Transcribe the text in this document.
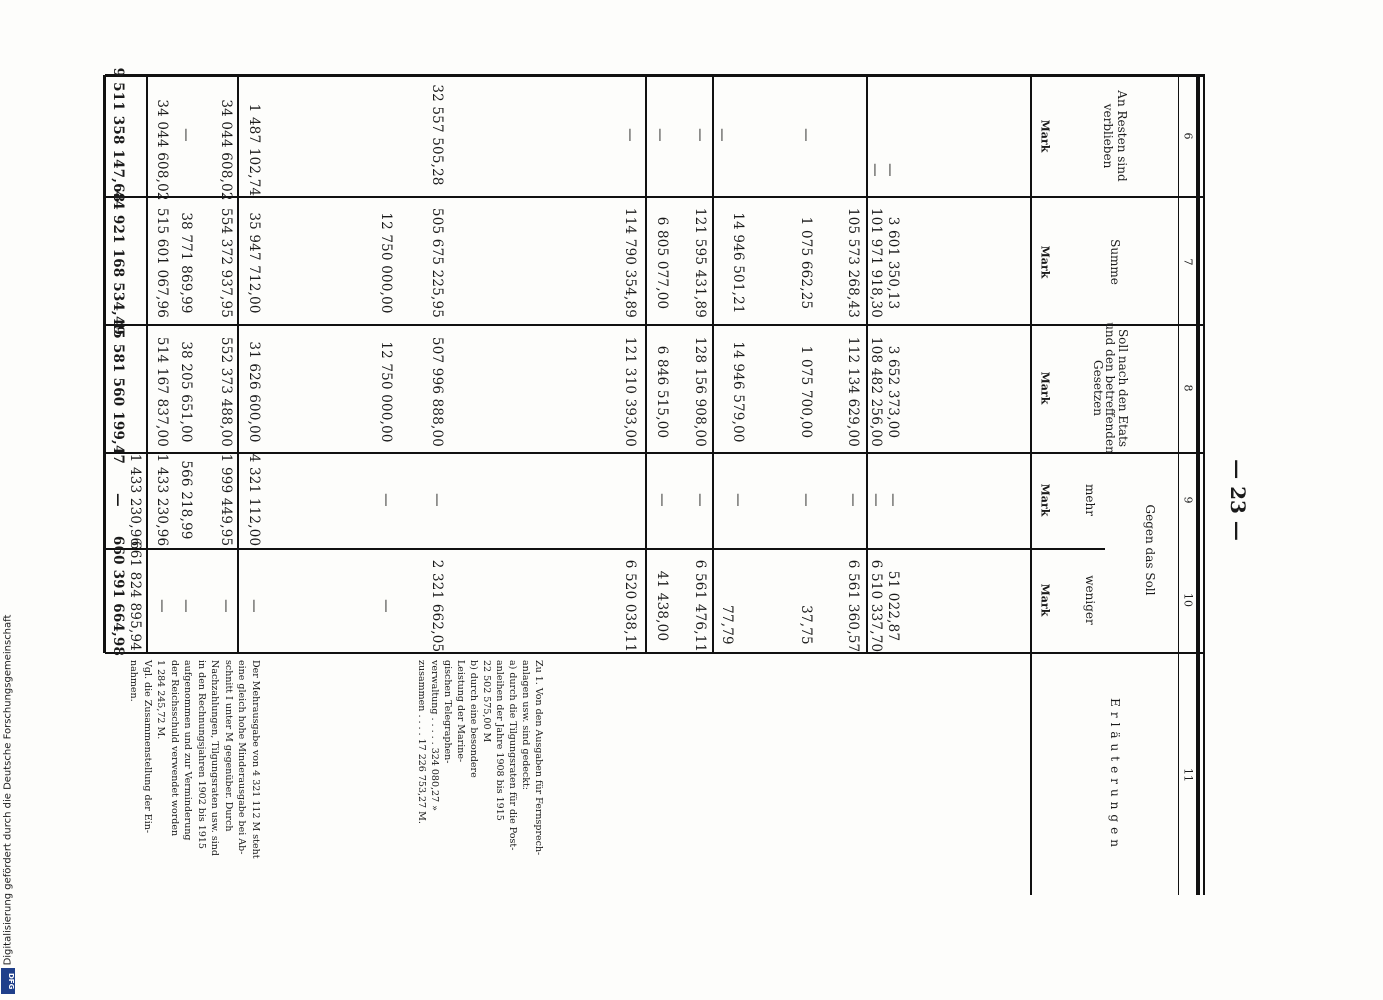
— 23 —
Digitalisierung gefördert durch die Deutsche Forschungsgemeinschaft
DFG
6
7
8
9
10
11
An Resten sind verblieben
Summe
Soll nach den Etats und den betreffenden Gesetzen
Gegen das Soll
mehr
weniger
Erläuterungen
Mark
Mark
Mark
Mark
Mark
—
3 601 350,13
3 652 373,00
—
51 022,87
—
101 971 918,30
108 482 256,00
—
6 510 337,70
105 573 268,43
112 134 629,00
—
6 561 360,57
—
1 075 662,25
1 075 700,00
—
37,75
—
14 946 501,21
14 946 579,00
—
77,79
—
121 595 431,89
128 156 908,00
—
6 561 476,11
—
6 805 077,00
6 846 515,00
—
41 438,00
—
114 790 354,89
121 310 393,00
6 520 038,11
32 557 505,28
505 675 225,95
507 996 888,00
—
2 321 662,05
12 750 000,00
12 750 000,00
—
—
1 487 102,74
35 947 712,00
31 626 600,00
4 321 112,00
—
34 044 608,02
554 372 937,95
552 373 488,00
1 999 449,95
—
—
38 771 869,99
38 205 651,00
566 218,99
—
34 044 608,02
515 601 067,96
514 167 837,00
1 433 230,96
—
1 433 230,96
661 824 895,94
9 511 358 147,68
44 921 168 534,49
45 581 560 199,47
—
660 391 664,98
Zu 1. Von den Ausgaben für Fernsprech-
anlagen usw. sind gedeckt:
a) durch die Tilgungsraten für die Post-
anleihen der Jahre 1908 bis 1915
22 502 575,00 M
b) durch eine besondere
Leistung der Marine-
gischen Telegraphen-
verwaltung . . . . . 324 080,27 »
zusammen . . . . 17 226 753,27 M.
Der Mehrausgabe von 4 321 112 M steht
eine gleich hohe Minderausgabe bei Ab-
schnitt I unter M gegenüber. Durch
Nachzahlungen, Tilgungsraten usw. sind
in den Rechnungsjahren 1902 bis 1915
aufgenommen und zur Verminderung
der Reichsschuld verwendet worden
1 284 245,72 M.
Vgl. die Zusammenstellung der Ein-
nahmen.
